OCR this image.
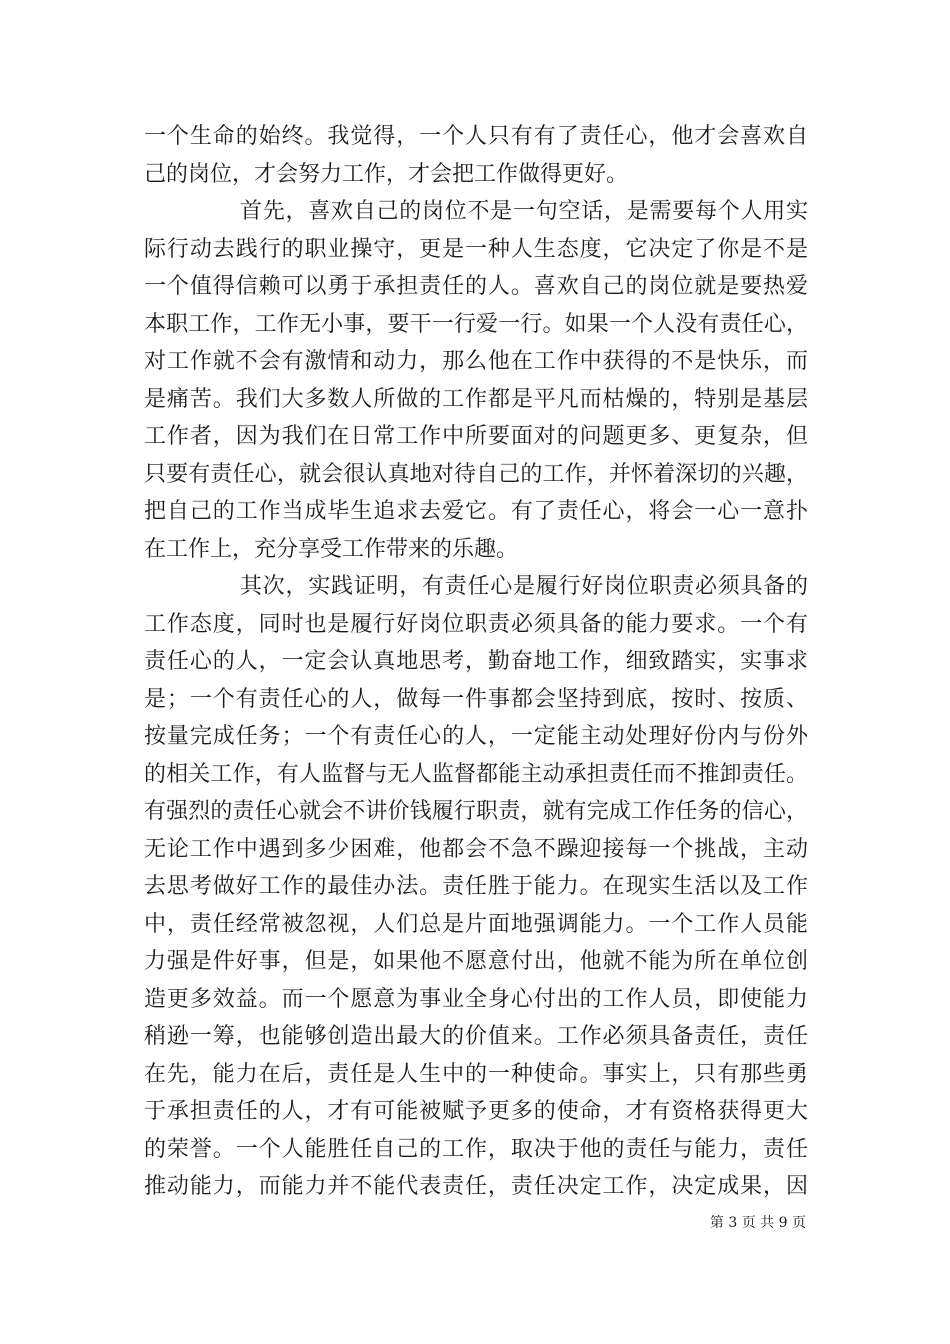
一个生命的始终。我觉得，一个人只有有了责任心，他才会喜欢自
己的岗位，才会努力工作，才会把工作做得更好。
首先，喜欢自己的岗位不是一句空话，是需要每个人用实
际行动去践行的职业操守，更是一种人生态度，它决定了你是不是
一个值得信赖可以勇于承担责任的人。喜欢自己的岗位就是要热爱
本职工作，工作无小事，要干一行爱一行。如果一个人没有责任心，
对工作就不会有激情和动力，那么他在工作中获得的不是快乐，而
是痛苦。我们大多数人所做的工作都是平凡而枯燥的，特别是基层
工作者，因为我们在日常工作中所要面对的问题更多、更复杂，但
只要有责任心，就会很认真地对待自己的工作，并怀着深切的兴趣，
把自己的工作当成毕生追求去爱它。有了责任心，将会一心一意扑
在工作上，充分享受工作带来的乐趣。
其次，实践证明，有责任心是履行好岗位职责必须具备的
工作态度，同时也是履行好岗位职责必须具备的能力要求。一个有
责任心的人，一定会认真地思考，勤奋地工作，细致踏实，实事求
是；一个有责任心的人，做每一件事都会坚持到底，按时、按质、
按量完成任务；一个有责任心的人，一定能主动处理好份内与份外
的相关工作，有人监督与无人监督都能主动承担责任而不推卸责任。
有强烈的责任心就会不讲价钱履行职责，就有完成工作任务的信心，
无论工作中遇到多少困难，他都会不急不躁迎接每一个挑战，主动
去思考做好工作的最佳办法。责任胜于能力。在现实生活以及工作
中，责任经常被忽视，人们总是片面地强调能力。一个工作人员能
力强是件好事，但是，如果他不愿意付出，他就不能为所在单位创
造更多效益。而一个愿意为事业全身心付出的工作人员，即使能力
稍逊一筹，也能够创造出最大的价值来。工作必须具备责任，责任
在先，能力在后，责任是人生中的一种使命。事实上，只有那些勇
于承担责任的人，才有可能被赋予更多的使命，才有资格获得更大
的荣誉。一个人能胜任自己的工作，取决于他的责任与能力，责任
推动能力，而能力并不能代表责任，责任决定工作，决定成果，因
第 3 页 共 9 页
